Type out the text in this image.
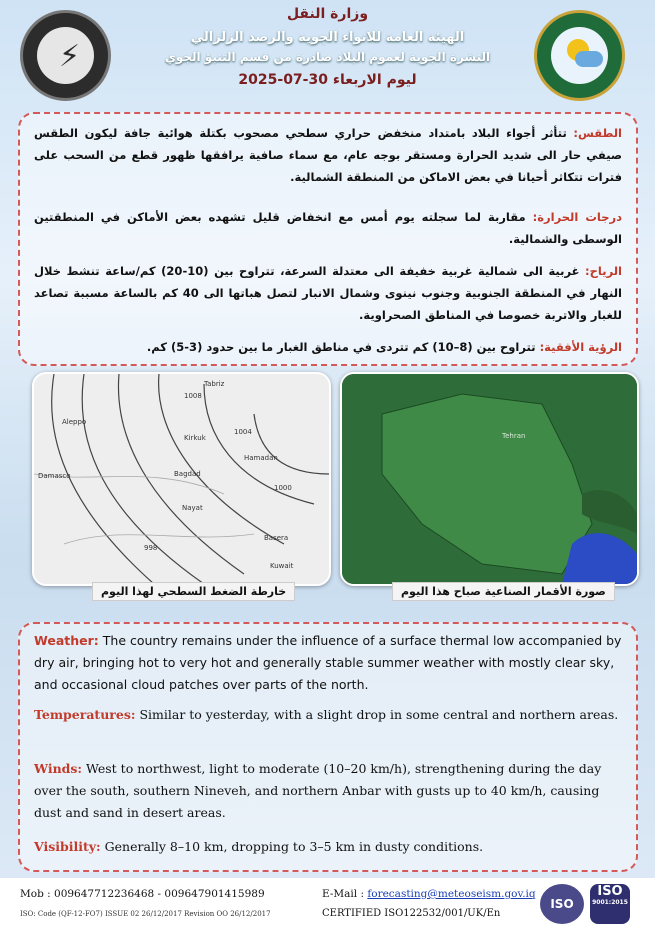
⚡
وزارة النقل
الهيئة العامة للانواء الجوية والرصد الزلزالي
النشرة الجوية لعموم البلاد صادرة من قسم التنبؤ الجوي
ليوم الاربعاء 30-07-2025
الطقس: تتأثر أجواء البلاد بامتداد منخفض حراري سطحي مصحوب بكتلة هوائية جافة ليكون الطقس صيفي حار الى شديد الحرارة ومستقر بوجه عام، مع سماء صافية يرافقها ظهور قطع من السحب على فترات تتكاثر أحيانا في بعض الاماكن من المنطقة الشمالية.
درجات الحرارة: مقاربة لما سجلته يوم أمس مع انخفاض قليل تشهده بعض الأماكن في المنطقتين الوسطى والشمالية.
الرياح: غربية الى شمالية غربية خفيفة الى معتدلة السرعة، تتراوح بين (10-20) كم/ساعة تنشط خلال النهار في المنطقة الجنوبية وجنوب نينوى وشمال الانبار لتصل هباتها الى 40 كم بالساعة مسببة تصاعد للغبار والاتربة خصوصا في المناطق الصحراوية.
الرؤية الأفقية: تتراوح بين (8–10) كم تتردى في مناطق الغبار ما بين حدود (3-5) كم.
Tabriz
Aleppo
Damasco
Kirkuk
Hamadan
Bagdad
Nayat
Basera
Kuwait
1008
1004
1000
998
Tehran
خارطة الضغط السطحي لهذا اليوم	صورة الأقمار الصناعية صباح هذا اليوم
Weather: The country remains under the influence of a surface thermal low accompanied by dry air, bringing hot to very hot and generally stable summer weather with mostly clear sky, and occasional cloud patches over parts of the north.
Temperatures: Similar to yesterday, with a slight drop in some central and northern areas.
Winds: West to northwest, light to moderate (10–20 km/h), strengthening during the day over the south, southern Nineveh, and northern Anbar with gusts up to 40 km/h, causing dust and sand in desert areas.
Visibility: Generally 8–10 km, dropping to 3–5 km in dusty conditions.
Mob : 009647712236468 - 009647901415989	E-Mail : forecasting@meteoseism.gov.iq
ISO: Code (QF-12-FO7) ISSUE 02 26/12/2017 Revision OO 26/12/2017	CERTIFIED ISO122532/001/UK/En
ISO
ISO
9001:2015
